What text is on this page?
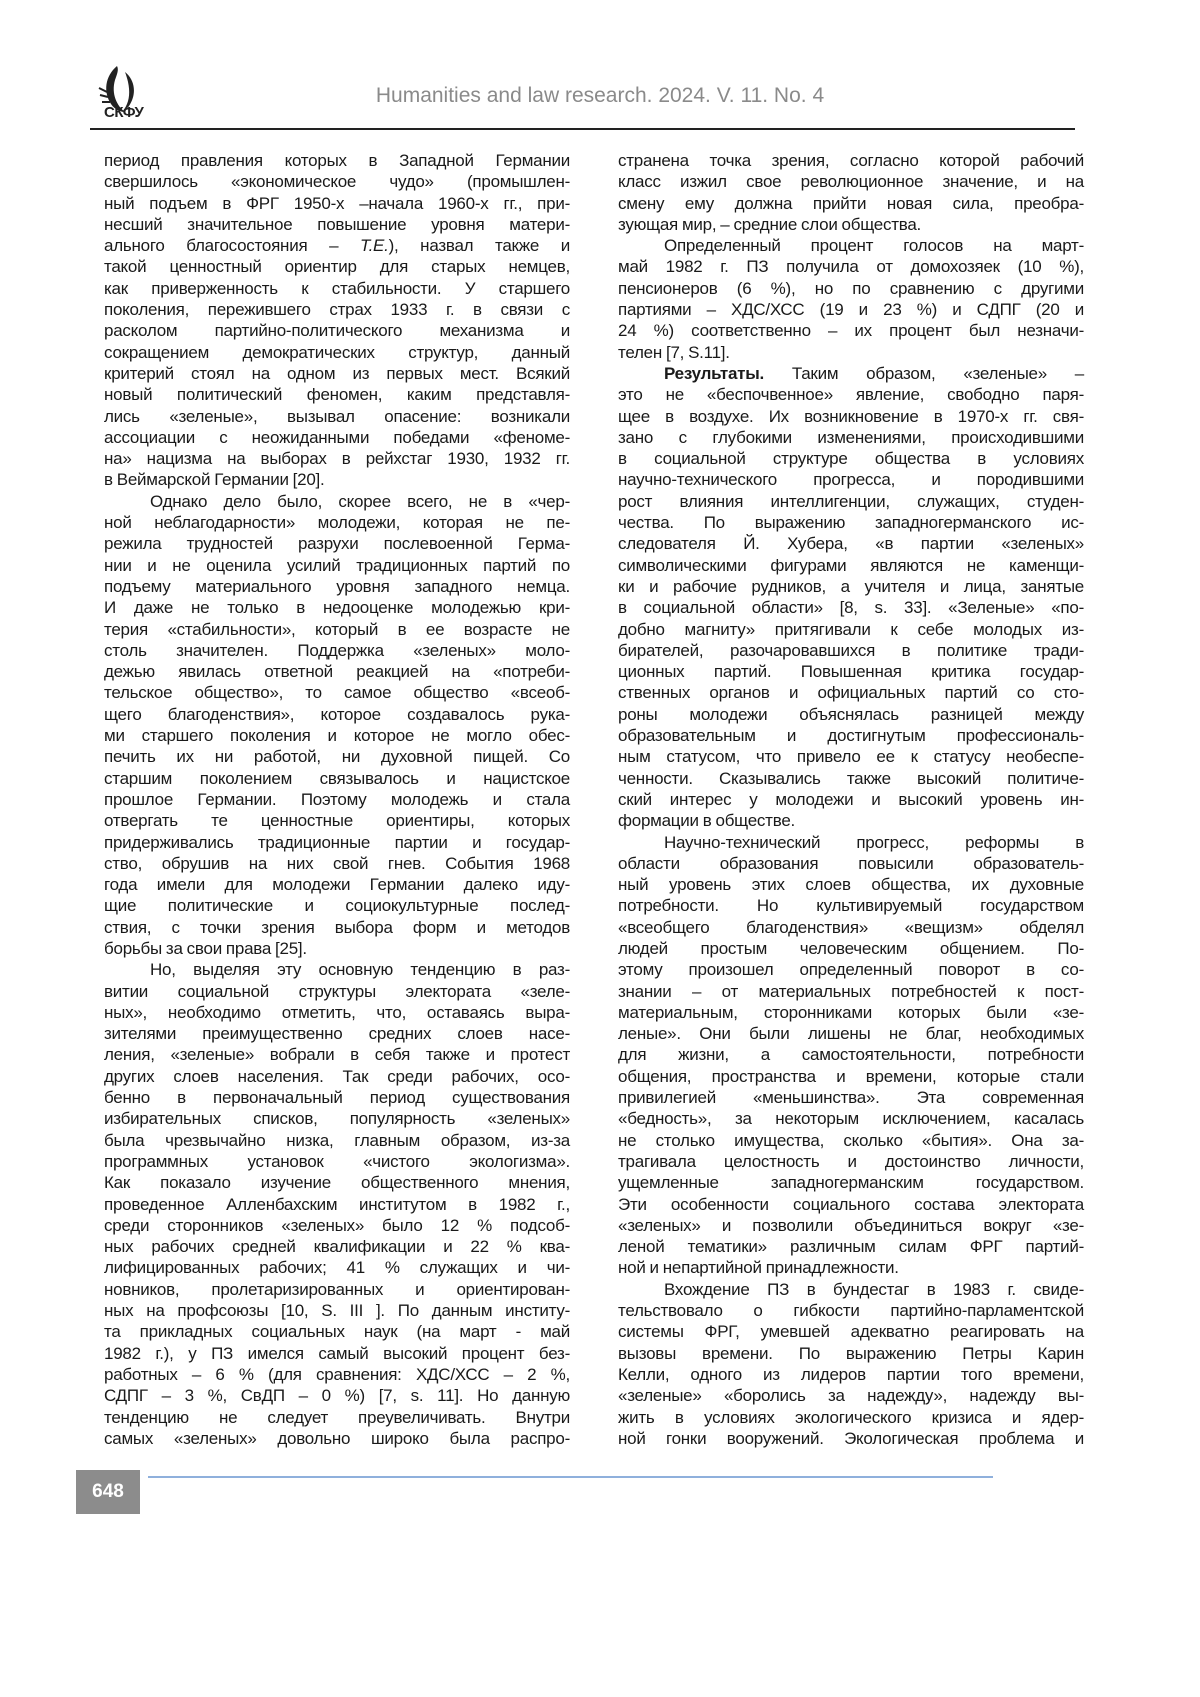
СКФУ
Humanities and law research. 2024. V. 11. No. 4
период правления которых в Западной Германии
свершилось «экономическое чудо» (промышлен-
ный подъем в ФРГ 1950-х –начала 1960-х гг., при-
несший значительное повышение уровня матери-
ального благосостояния – Т.Е.), назвал также и
такой ценностный ориентир для старых немцев,
как приверженность к стабильности. У старшего
поколения, пережившего страх 1933 г. в связи с
расколом партийно-политического механизма и
сокращением демократических структур, данный
критерий стоял на одном из первых мест. Всякий
новый политический феномен, каким представля-
лись «зеленые», вызывал опасение: возникали
ассоциации с неожиданными победами «феноме-
на» нацизма на выборах в рейхстаг 1930, 1932 гг.
в Веймарской Германии [20].
Однако дело было, скорее всего, не в «чер-
ной неблагодарности» молодежи, которая не пе-
режила трудностей разрухи послевоенной Герма-
нии и не оценила усилий традиционных партий по
подъему материального уровня западного немца.
И даже не только в недооценке молодежью кри-
терия «стабильности», который в ее возрасте не
столь значителен. Поддержка «зеленых» моло-
дежью явилась ответной реакцией на «потреби-
тельское общество», то самое общество «всеоб-
щего благоденствия», которое создавалось рука-
ми старшего поколения и которое не могло обес-
печить их ни работой, ни духовной пищей. Со
старшим поколением связывалось и нацистское
прошлое Германии. Поэтому молодежь и стала
отвергать те ценностные ориентиры, которых
придерживались традиционные партии и государ-
ство, обрушив на них свой гнев. События 1968
года имели для молодежи Германии далеко иду-
щие политические и социокультурные послед-
ствия, с точки зрения выбора форм и методов
борьбы за свои права [25].
Но, выделяя эту основную тенденцию в раз-
витии социальной структуры электората «зеле-
ных», необходимо отметить, что, оставаясь выра-
зителями преимущественно средних слоев насе-
ления, «зеленые» вобрали в себя также и протест
других слоев населения. Так среди рабочих, осо-
бенно в первоначальный период существования
избирательных списков, популярность «зеленых»
была чрезвычайно низка, главным образом, из-за
программных установок «чистого экологизма».
Как показало изучение общественного мнения,
проведенное Алленбахским институтом в 1982 г.,
среди сторонников «зеленых» было 12 % подсоб-
ных рабочих средней квалификации и 22 % ква-
лифицированных рабочих; 41 % служащих и чи-
новников, пролетаризированных и ориентирован-
ных на профсоюзы [10, S. III ]. По данным институ-
та прикладных социальных наук (на март - май
1982 г.), у ПЗ имелся самый высокий процент без-
работных – 6 % (для сравнения: ХДС/ХСС – 2 %,
СДПГ – 3 %, СвДП – 0 %) [7, s. 11]. Но данную
тенденцию не следует преувеличивать. Внутри
самых «зеленых» довольно широко была распро-
странена точка зрения, согласно которой рабочий
класс изжил свое революционное значение, и на
смену ему должна прийти новая сила, преобра-
зующая мир, – средние слои общества.
Определенный процент голосов на март-
май 1982 г. ПЗ получила от домохозяек (10 %),
пенсионеров (6 %), но по сравнению с другими
партиями – ХДС/ХСС (19 и 23 %) и СДПГ (20 и
24 %) соответственно – их процент был незначи-
телен [7, S.11].
Результаты. Таким образом, «зеленые» –
это не «беспочвенное» явление, свободно паря-
щее в воздухе. Их возникновение в 1970-х гг. свя-
зано с глубокими изменениями, происходившими
в социальной структуре общества в условиях
научно-технического прогресса, и породившими
рост влияния интеллигенции, служащих, студен-
чества. По выражению западногерманского ис-
следователя Й. Хубера, «в партии «зеленых»
символическими фигурами являются не каменщи-
ки и рабочие рудников, а учителя и лица, занятые
в социальной области» [8, s. 33]. «Зеленые» «по-
добно магниту» притягивали к себе молодых из-
бирателей, разочаровавшихся в политике тради-
ционных партий. Повышенная критика государ-
ственных органов и официальных партий со сто-
роны молодежи объяснялась разницей между
образовательным и достигнутым профессиональ-
ным статусом, что привело ее к статусу необеспе-
ченности. Сказывались также высокий политиче-
ский интерес у молодежи и высокий уровень ин-
формации в обществе.
Научно-технический прогресс, реформы в
области образования повысили образователь-
ный уровень этих слоев общества, их духовные
потребности. Но культивируемый государством
«всеобщего благоденствия» «вещизм» обделял
людей простым человеческим общением. По-
этому произошел определенный поворот в со-
знании – от материальных потребностей к пост-
материальным, сторонниками которых были «зе-
леные». Они были лишены не благ, необходимых
для жизни, а самостоятельности, потребности
общения, пространства и времени, которые стали
привилегией «меньшинства». Эта современная
«бедность», за некоторым исключением, касалась
не столько имущества, сколько «бытия». Она за-
трагивала целостность и достоинство личности,
ущемленные западногерманским государством.
Эти особенности социального состава электората
«зеленых» и позволили объединиться вокруг «зе-
леной тематики» различным силам ФРГ партий-
ной и непартийной принадлежности.
Вхождение ПЗ в бундестаг в 1983 г. свиде-
тельствовало о гибкости партийно-парламентской
системы ФРГ, умевшей адекватно реагировать на
вызовы времени. По выражению Петры Карин
Келли, одного из лидеров партии того времени,
«зеленые» «боролись за надежду», надежду вы-
жить в условиях экологического кризиса и ядер-
ной гонки вооружений. Экологическая проблема и
648
